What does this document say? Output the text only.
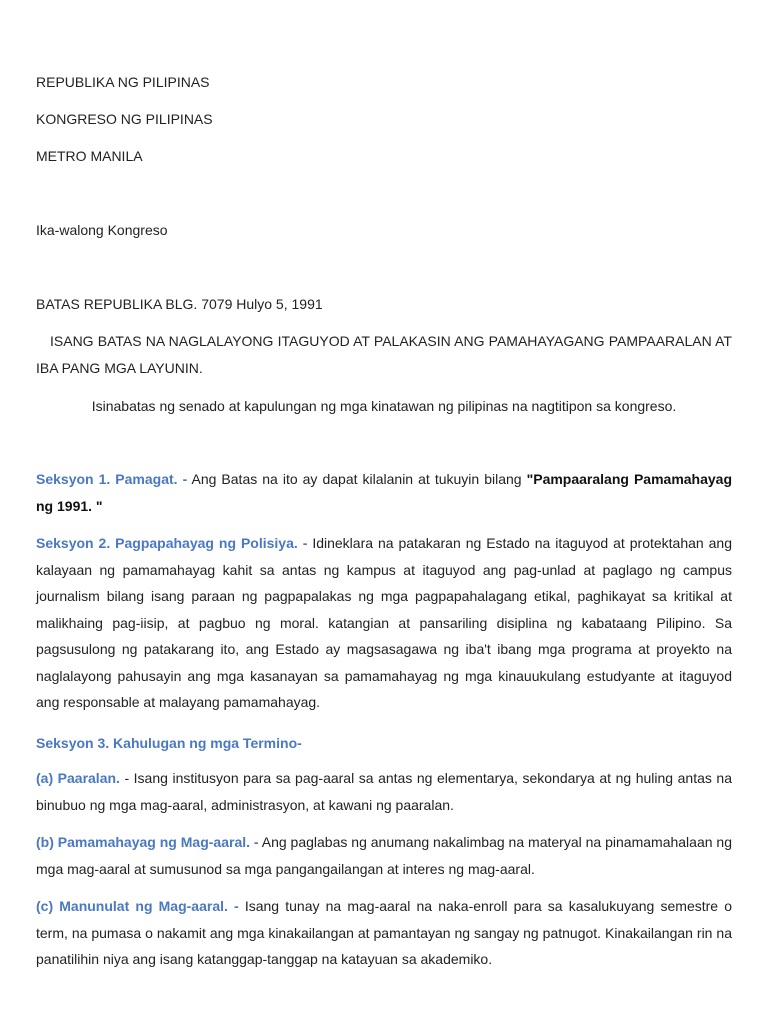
REPUBLIKA NG PILIPINAS
KONGRESO NG PILIPINAS
METRO MANILA
Ika-walong Kongreso
BATAS REPUBLIKA BLG. 7079 Hulyo 5, 1991
ISANG BATAS NA NAGLALAYONG ITAGUYOD AT PALAKASIN ANG PAMAHAYAGANG PAMPAARALAN AT IBA PANG MGA LAYUNIN.
Isinabatas ng senado at kapulungan ng mga kinatawan ng pilipinas na nagtitipon sa kongreso.
Seksyon 1. Pamagat. - Ang Batas na ito ay dapat kilalanin at tukuyin bilang "Pampaaralang Pamamahayag ng 1991. "
Seksyon 2. Pagpapahayag ng Polisiya. - Idineklara na patakaran ng Estado na itaguyod at protektahan ang kalayaan ng pamamahayag kahit sa antas ng kampus at itaguyod ang pag-unlad at paglago ng campus journalism bilang isang paraan ng pagpapalakas ng mga pagpapahalagang etikal, paghikayat sa kritikal at malikhaing pag-iisip, at pagbuo ng moral. katangian at pansariling disiplina ng kabataang Pilipino. Sa pagsusulong ng patakarang ito, ang Estado ay magsasagawa ng iba't ibang mga programa at proyekto na naglalayong pahusayin ang mga kasanayan sa pamamahayag ng mga kinauukulang estudyante at itaguyod ang responsable at malayang pamamahayag.
Seksyon 3. Kahulugan ng mga Termino-
(a) Paaralan. - Isang institusyon para sa pag-aaral sa antas ng elementarya, sekondarya at ng huling antas na binubuo ng mga mag-aaral, administrasyon, at kawani ng paaralan.
(b) Pamamahayag ng Mag-aaral. - Ang paglabas ng anumang nakalimbag na materyal na pinamamahalaan ng mga mag-aaral at sumusunod sa mga pangangailangan at interes ng mag-aaral.
(c) Manunulat ng Mag-aaral. - Isang tunay na mag-aaral na naka-enroll para sa kasalukuyang semestre o term, na pumasa o nakamit ang mga kinakailangan at pamantayan ng sangay ng patnugot. Kinakailangan rin na panatilihin niya ang isang katanggap-tanggap na katayuan sa akademiko.
